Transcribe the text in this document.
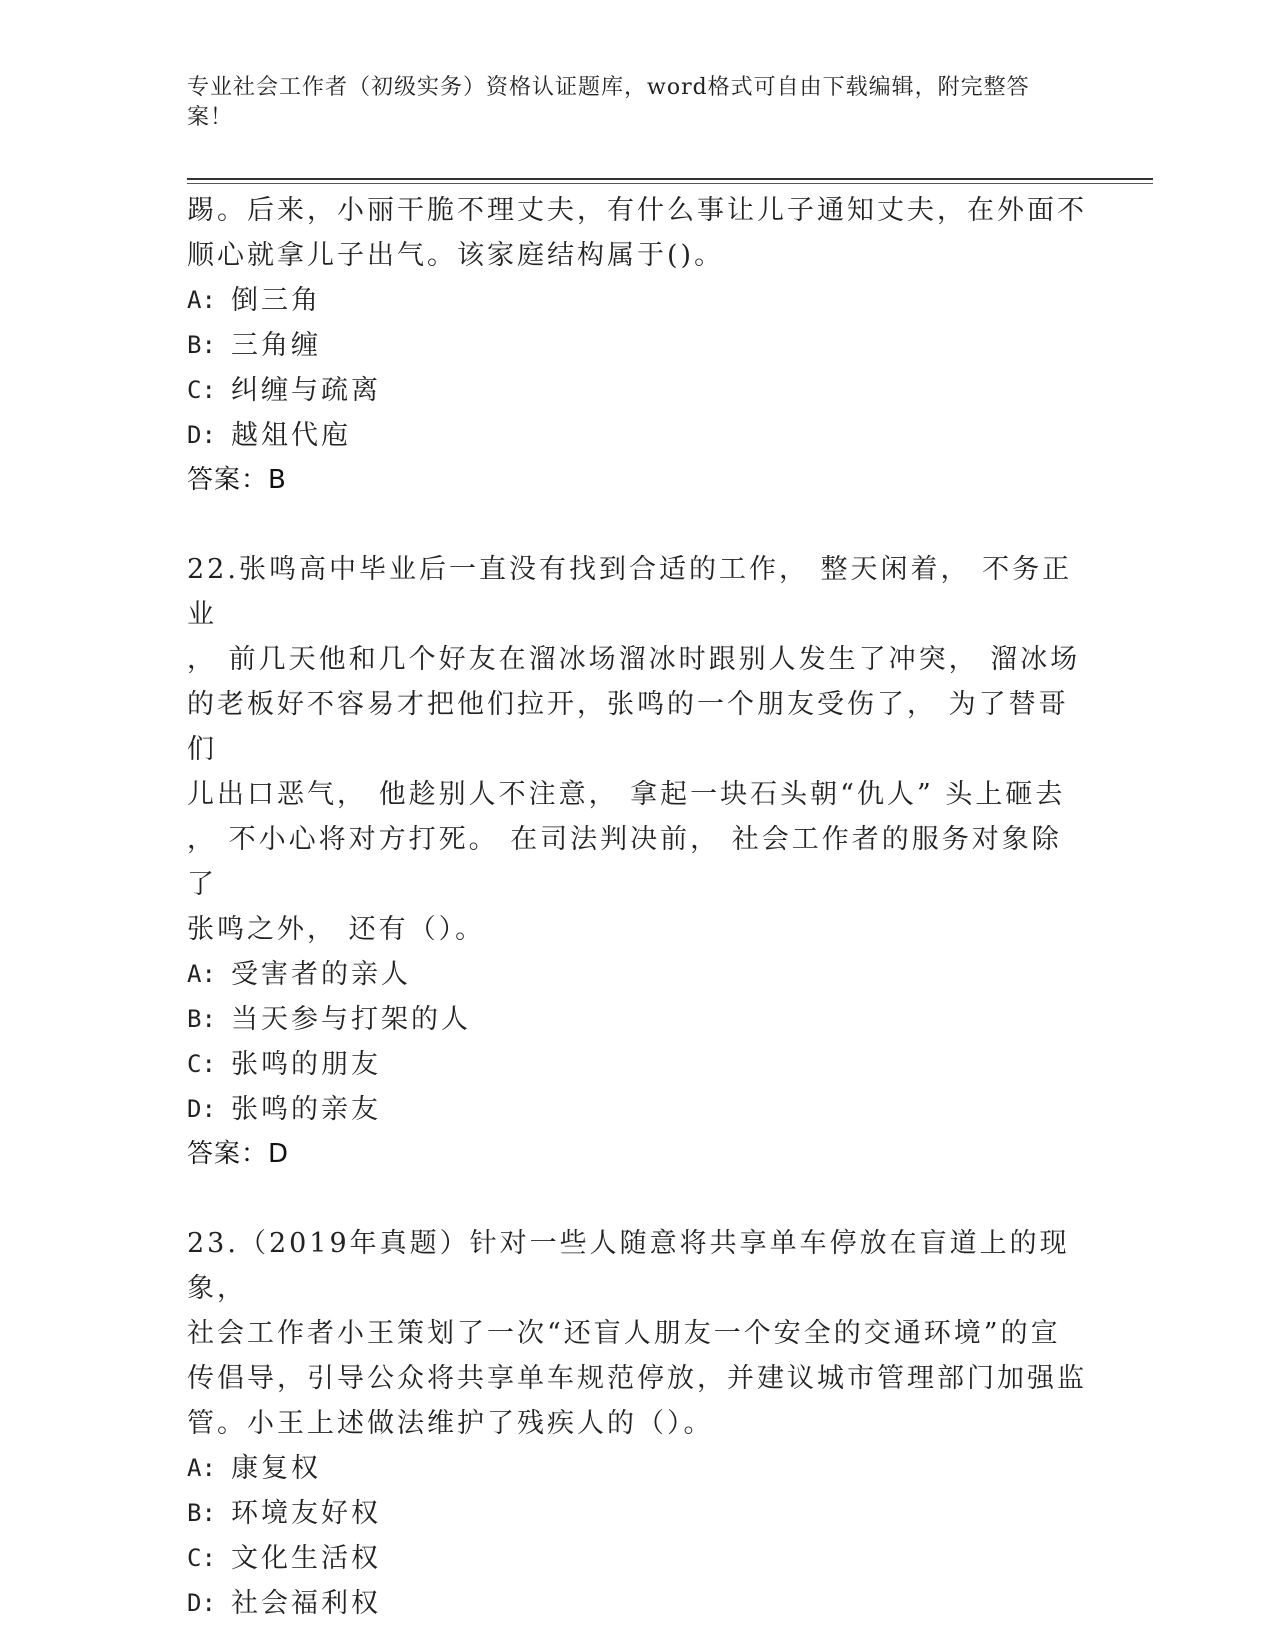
专业社会工作者（初级实务）资格认证题库，word格式可自由下载编辑，附完整答案！
踢。后来，小丽干脆不理丈夫，有什么事让儿子通知丈夫，在外面不
顺心就拿儿子出气。该家庭结构属于()。
A: 倒三角
B: 三角缠
C: 纠缠与疏离
D: 越俎代庖
答案：B
22.张鸣高中毕业后一直没有找到合适的工作， 整天闲着， 不务正业
， 前几天他和几个好友在溜冰场溜冰时跟别人发生了冲突， 溜冰场
的老板好不容易才把他们拉开，张鸣的一个朋友受伤了， 为了替哥们
儿出口恶气， 他趁别人不注意， 拿起一块石头朝“仇人” 头上砸去
， 不小心将对方打死。 在司法判决前， 社会工作者的服务对象除了
张鸣之外， 还有（）。
A: 受害者的亲人
B: 当天参与打架的人
C: 张鸣的朋友
D: 张鸣的亲友
答案：D
23.（2019年真题）针对一些人随意将共享单车停放在盲道上的现象，
社会工作者小王策划了一次“还盲人朋友一个安全的交通环境”的宣
传倡导，引导公众将共享单车规范停放，并建议城市管理部门加强监
管。小王上述做法维护了残疾人的（）。
A: 康复权
B: 环境友好权
C: 文化生活权
D: 社会福利权
